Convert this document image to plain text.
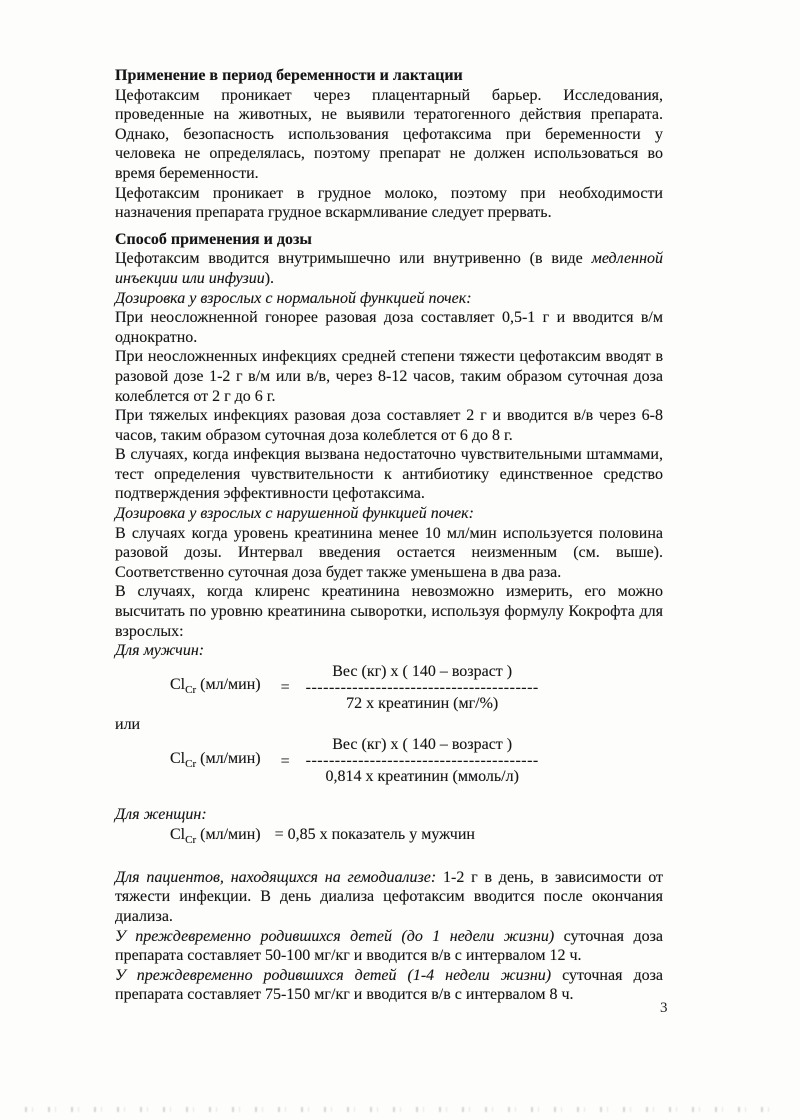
Применение в период беременности и лактации

Цефотаксим проникает через плацентарный барьер. Исследования, проведенные на животных, не выявили тератогенного действия препарата. Однако, безопасность использования цефотаксима при беременности у человека не определялась, поэтому препарат не должен использоваться во время беременности.

Цефотаксим проникает в грудное молоко, поэтому при необходимости назначения препарата грудное вскармливание следует прервать.

Способ применения и дозы

Цефотаксим вводится внутримышечно или внутривенно (в виде медленной инъекции или инфузии).

Дозировка у взрослых с нормальной функцией почек:

При неосложненной гонорее разовая доза составляет 0,5-1 г и вводится в/м однократно.

При неосложненных инфекциях средней степени тяжести цефотаксим вводят в разовой дозе 1-2 г в/м или в/в, через 8-12 часов, таким образом суточная доза колеблется от 2 г до 6 г.

При тяжелых инфекциях разовая доза составляет 2 г и вводится в/в через 6-8 часов, таким образом суточная доза колеблется от 6 до 8 г.

В случаях, когда инфекция вызвана недостаточно чувствительными штаммами, тест определения чувствительности к антибиотику единственное средство подтверждения эффективности цефотаксима.

Дозировка у взрослых с нарушенной функцией почек:

В случаях когда уровень креатинина менее 10 мл/мин используется половина разовой дозы. Интервал введения остается неизменным (см. выше). Соответственно суточная доза будет также уменьшена в два раза.

В случаях, когда клиренс креатинина невозможно измерить, его можно высчитать по уровню креатинина сыворотки, используя формулу Кокрофта для взрослых:

Для мужчин:

$Cl_{Cr}$ (мл/мин) =
Вес (кг) x ( 140 – возраст )
----------------------------------------
72 x креатинин (мг/%)

или

$Cl_{Cr}$ (мл/мин) =
Вес (кг) x ( 140 – возраст )
----------------------------------------
0,814 x креатинин (ммоль/л)

Для женщин:

$Cl_{Cr}$ (мл/мин) = 0,85 x показатель у мужчин

Для пациентов, находящихся на гемодиализе: 1-2 г в день, в зависимости от тяжести инфекции. В день диализа цефотаксим вводится после окончания диализа.

У преждевременно родившихся детей (до 1 недели жизни) суточная доза препарата составляет 50-100 мг/кг и вводится в/в с интервалом 12 ч.

У преждевременно родившихся детей (1-4 недели жизни) суточная доза препарата составляет 75-150 мг/кг и вводится в/в с интервалом 8 ч.

3
